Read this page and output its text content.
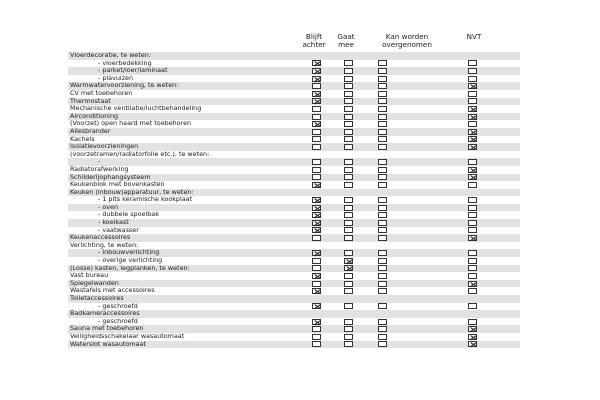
Blijft
achter
Gaat
mee
Kan worden
overgenomen
NVT
Vloerdecoratie, te weten:
- vloerbedekking
- parket/loer/laminaat
- plavuizen
Warmwatervoorziening, te weten:
CV met toebehoren
Thermostaat
Mechanische ventilatie/luchtbehandeling
Airconditioning
(Voorzet) open haard met toebehoren
Allesbrander
Kachels
Isolatievoorzieningen
(voorzetramen/radiatorfolie etc.), te weten:
-
Radiatorafwerking
Schilderijophangsysteem
Keukenblok met bovenkasten
Keuken (inbouw)apparatuur, te weten:
- 1 pits keramische kookplaat
- oven
- dubbele spoelbak
- koelkast
- vaatwasser
Keukenaccessoires
Verlichting, te weten:
- inbouwverlichting
- overige verlichting
(Losse) kasten, legplanken, te weten:
Vast bureau
Spiegelwanden
Wastafels met accessoires
Toiletaccessoires
- geschroefd
Badkameraccessoires
- geschroefd
Sauna met toebehoren
Veiligheidsschakelaar wasautomaat
Waterslot wasautomaat
